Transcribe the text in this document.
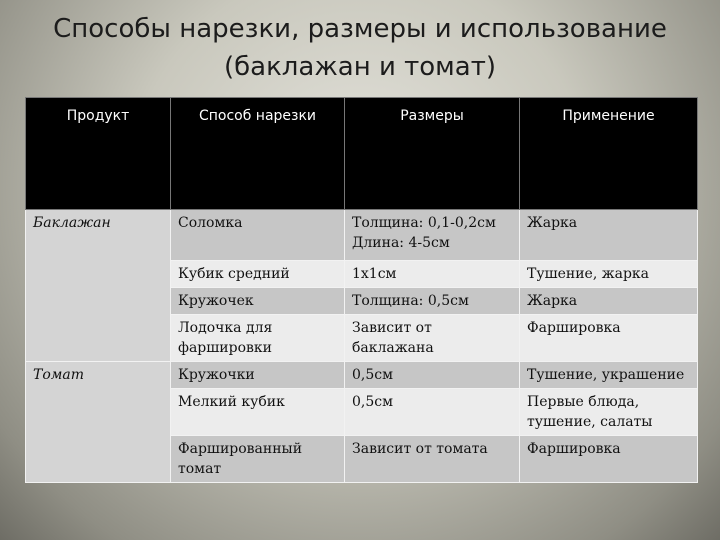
Способы нарезки, размеры и использование
(баклажан и томат)
Продукт	Способ нарезки	Размеры	Применение
Баклажан	Соломка	Толщина: 0,1-0,2см Длина: 4-5см	Жарка
	Кубик средний	1х1см	Тушение, жарка
	Кружочек	Толщина: 0,5см	Жарка
	Лодочка для фаршировки	Зависит от баклажана	Фаршировка
Томат	Кружочки	0,5см	Тушение, украшение
	Мелкий кубик	0,5см	Первые блюда, тушение, салаты
	Фаршированный томат	Зависит от томата	Фаршировка
